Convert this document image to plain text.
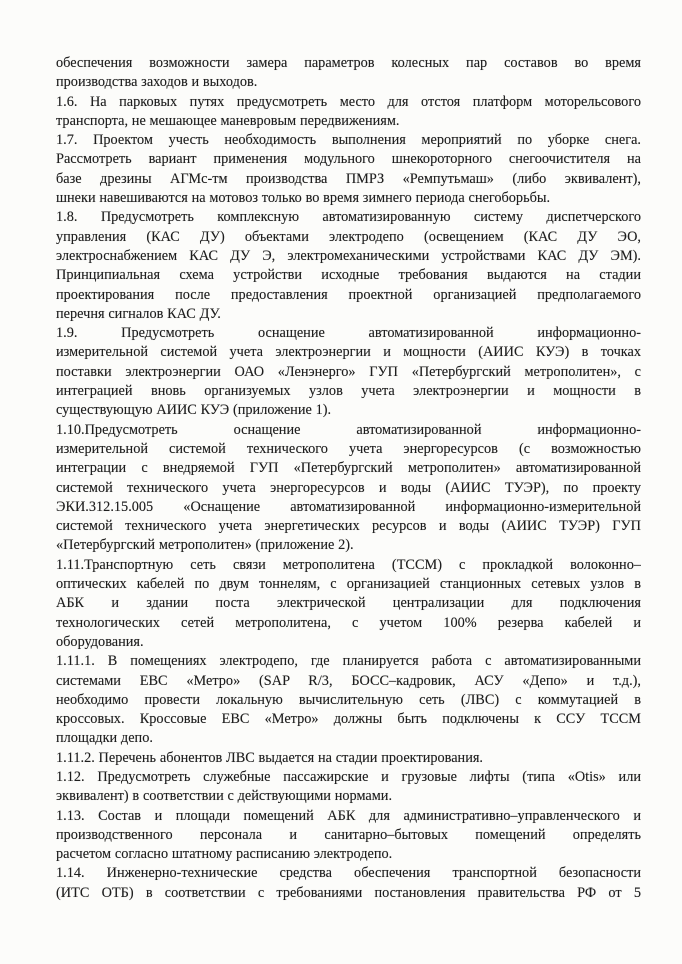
обеспечения возможности замера параметров колесных пар составов во время
производства заходов и выходов.
1.6. На парковых путях предусмотреть место для отстоя платформ моторельсового
транспорта, не мешающее маневровым передвижениям.
1.7. Проектом учесть необходимость выполнения мероприятий по уборке снега.
Рассмотреть вариант применения модульного шнекороторного снегоочистителя на
базе дрезины АГМс-тм производства ПМРЗ «Ремпутьмаш» (либо эквивалент),
шнеки навешиваются на мотовоз только во время зимнего периода снегоборьбы.
1.8. Предусмотреть комплексную автоматизированную систему диспетчерского
управления (КАС ДУ) объектами электродепо (освещением (КАС ДУ ЭО,
электроснабжением КАС ДУ Э, электромеханическими устройствами КАС ДУ ЭМ).
Принципиальная схема устройстви исходные требования выдаются на стадии
проектирования после предоставления проектной организацией предполагаемого
перечня сигналов КАС ДУ.
1.9. Предусмотреть оснащение автоматизированной информационно-
измерительной системой учета электроэнергии и мощности (АИИС КУЭ) в точках
поставки электроэнергии ОАО «Ленэнерго» ГУП «Петербургский метрополитен», с
интеграцией вновь организуемых узлов учета электроэнергии и мощности в
существующую АИИС КУЭ (приложение 1).
1.10.Предусмотреть оснащение автоматизированной информационно-
измерительной системой технического учета энергоресурсов (с возможностью
интеграции с внедряемой ГУП «Петербургский метрополитен» автоматизированной
системой технического учета энергоресурсов и воды (АИИС ТУЭР), по проекту
ЭКИ.312.15.005 «Оснащение автоматизированной информационно-измерительной
системой технического учета энергетических ресурсов и воды (АИИС ТУЭР) ГУП
«Петербургский метрополитен» (приложение 2).
1.11.Транспортную сеть связи метрополитена (ТССМ) с прокладкой волоконно–
оптических кабелей по двум тоннелям, с организацией станционных сетевых узлов в
АБК и здании поста электрической централизации для подключения
технологических сетей метрополитена, с учетом 100% резерва кабелей и
оборудования.
1.11.1. В помещениях электродепо, где планируется работа с автоматизированными
системами ЕВС «Метро» (SAP R/3, БОСС–кадровик, АСУ «Депо» и т.д.),
необходимо провести локальную вычислительную сеть (ЛВС) с коммутацией в
кроссовых. Кроссовые ЕВС «Метро» должны быть подключены к ССУ ТССМ
площадки депо.
1.11.2. Перечень абонентов ЛВС выдается на стадии проектирования.
1.12. Предусмотреть служебные пассажирские и грузовые лифты (типа «Otis» или
эквивалент) в соответствии с действующими нормами.
1.13. Состав и площади помещений АБК для административно–управленческого и
производственного персонала и санитарно–бытовых помещений определять
расчетом согласно штатному расписанию электродепо.
1.14. Инженерно-технические средства обеспечения транспортной безопасности
(ИТС ОТБ) в соответствии с требованиями постановления правительства РФ от 5
